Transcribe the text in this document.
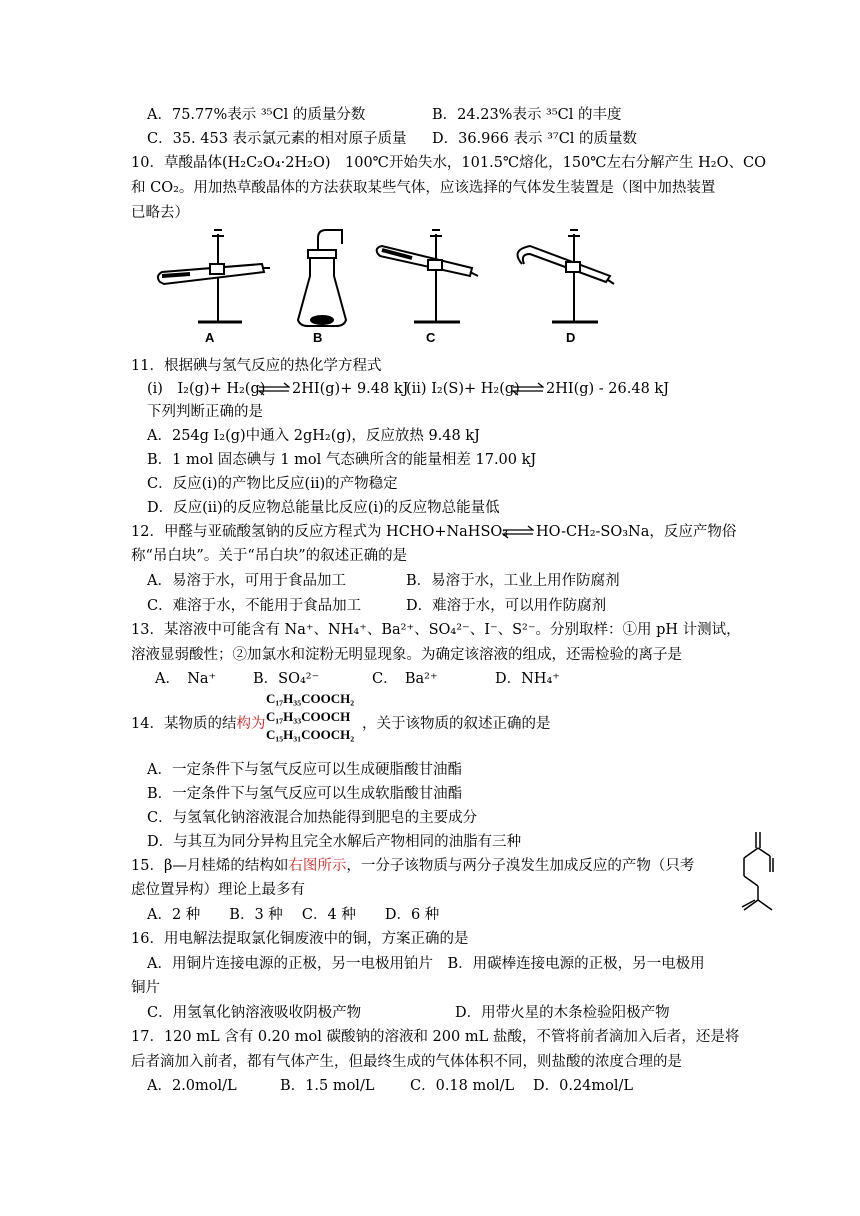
A．75.77%表示 ³⁵Cl 的质量分数	B．24.23%表示 ³⁵Cl 的丰度
C．35. 453 表示氯元素的相对原子质量 D．36.966 表示 ³⁷Cl 的质量数
10．草酸晶体(H₂C₂O₄·2H₂O)　100℃开始失水，101.5℃熔化，150℃左右分解产生 H₂O、CO
和 CO₂。用加热草酸晶体的方法获取某些气体，应该选择的气体发生装置是（图中加热装置
已略去）
A	B	C	D
11．根据碘与氢气反应的热化学方程式
(i)　I₂(g)+ H₂(g) ⇌ 2HI(g)+ 9.48 kJ
(ii) I₂(S)+ H₂(g) ⇌ 2HI(g) - 26.48 kJ
下列判断正确的是
A．254g I₂(g)中通入 2gH₂(g)，反应放热 9.48 kJ
B．1 mol 固态碘与 1 mol 气态碘所含的能量相差 17.00 kJ
C．反应(i)的产物比反应(ii)的产物稳定
D．反应(ii)的反应物总能量比反应(i)的反应物总能量低
12．甲醛与亚硫酸氢钠的反应方程式为 HCHO+NaHSO₃ ⇌ HO-CH₂-SO₃Na，反应产物俗
称“吊白块”。关于“吊白块”的叙述正确的是
A．易溶于水，可用于食品加工	B．易溶于水，工业上用作防腐剂
C．难溶于水，不能用于食品加工	D．难溶于水，可以用作防腐剂
13．某溶液中可能含有 Na⁺、NH₄⁺、Ba²⁺、SO₄²⁻、I⁻、S²⁻。分别取样：①用 pH 计测试，
溶液显弱酸性；②加氯水和淀粉无明显现象。为确定该溶液的组成，还需检验的离子是
A．　Na⁺	B．SO₄²⁻	C．　Ba²⁺	D．NH₄⁺
C₁₇H₃₅COOCH₂
C₁₇H₃₃COOCH
C₁₅H₃₁COOCH₂
14．某物质的结构为	，关于该物质的叙述正确的是
A．一定条件下与氢气反应可以生成硬脂酸甘油酯
B．一定条件下与氢气反应可以生成软脂酸甘油酯
C．与氢氧化钠溶液混合加热能得到肥皂的主要成分
D．与其互为同分异构且完全水解后产物相同的油脂有三种
15．β—月桂烯的结构如右图所示，一分子该物质与两分子溴发生加成反应的产物（只考
虑位置异构）理论上最多有
A．2 种　　B．3 种　 C．4 种　　D．6 种
16．用电解法提取氯化铜废液中的铜，方案正确的是
A．用铜片连接电源的正极，另一电极用铂片　B．用碳棒连接电源的正极，另一电极用
铜片
C．用氢氧化钠溶液吸收阴极产物	D．用带火星的木条检验阳极产物
17．120 mL 含有 0.20 mol 碳酸钠的溶液和 200 mL 盐酸，不管将前者滴加入后者，还是将
后者滴加入前者，都有气体产生，但最终生成的气体体积不同，则盐酸的浓度合理的是
A．2.0mol/L	B．1.5 mol/L C．0.18 mol/L D．0.24mol/L
